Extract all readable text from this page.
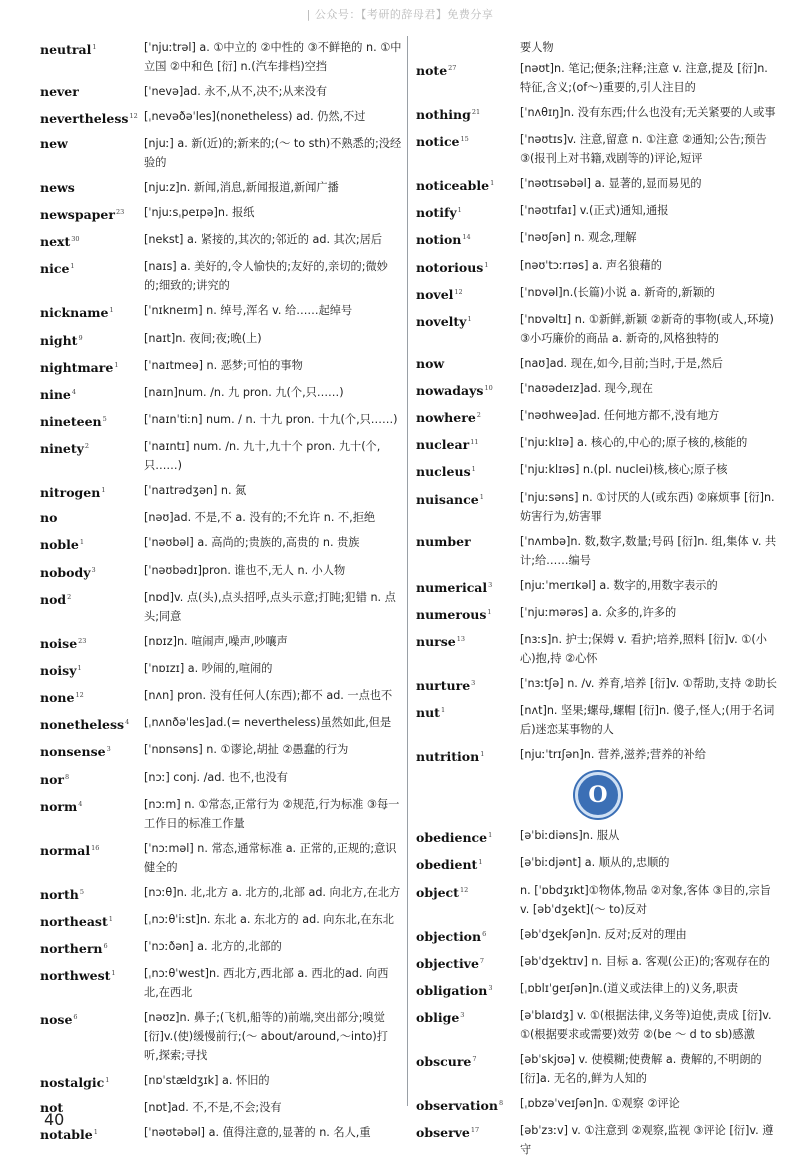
| 公众号：【考研的辞母君】免费分享
neutral$^1$	[ˈnjuːtrəl] a. ①中立的 ②中性的 ③不鲜艳的 n. ①中立国 ②中和色 [衍] n.(汽车排档)空挡
never	[ˈnevə]ad. 永不,从不,决不;从来没有
nevertheless$^{12}$ [ˌnevəðəˈles](nonetheless) ad. 仍然,不过
new	[njuː] a. 新(近)的;新来的;(～ to sth)不熟悉的;没经验的
news	[njuːz]n. 新闻,消息,新闻报道,新闻广播
newspaper$^{23}$	[ˈnjuːsˌpeɪpə]n. 报纸
next$^{30}$	[nekst] a. 紧接的,其次的;邻近的 ad. 其次;居后
nice$^1$	[naɪs] a. 美好的,令人愉快的;友好的,亲切的;微妙的;细致的;讲究的
nickname$^1$	[ˈnɪkneɪm] n. 绰号,浑名 v. 给……起绰号
night$^9$	[naɪt]n. 夜间;夜;晚(上)
nightmare$^1$	[ˈnaɪtmeə] n. 恶梦;可怕的事物
nine$^4$	[naɪn]num. /n. 九 pron. 九(个,只……)
nineteen$^5$	[ˈnaɪnˈtiːn] num. / n. 十九 pron. 十九(个,只……)
ninety$^2$	[ˈnaɪntɪ] num. /n. 九十,九十个 pron. 九十(个,只……)
nitrogen$^1$	[ˈnaɪtrədʒən] n. 氮
no	[nəʊ]ad. 不是,不 a. 没有的;不允许 n. 不,拒绝
noble$^1$	[ˈnəʊbəl] a. 高尚的;贵族的,高贵的 n. 贵族
nobody$^3$	[ˈnəʊbədɪ]pron. 谁也不,无人 n. 小人物
nod$^2$	[nɒd]v. 点(头),点头招呼,点头示意;打盹;犯错 n. 点头;同意
noise$^{23}$	[nɒɪz]n. 喧闹声,噪声,吵嚷声
noisy$^1$	[ˈnɒɪzɪ] a. 吵闹的,喧闹的
none$^{12}$	[nʌn] pron. 没有任何人(东西);都不 ad. 一点也不
nonetheless$^4$	[ˌnʌnðəˈles]ad.(= nevertheless)虽然如此,但是
nonsense$^3$	[ˈnɒnsəns] n. ①谬论,胡扯 ②愚蠢的行为
nor$^8$	[nɔː] conj. /ad. 也不,也没有
norm$^4$	[nɔːm] n. ①常态,正常行为 ②规范,行为标准 ③每一工作日的标准工作量
normal$^{16}$	[ˈnɔːməl] n. 常态,通常标准 a. 正常的,正规的;意识健全的
north$^5$	[nɔːθ]n. 北,北方 a. 北方的,北部 ad. 向北方,在北方
northeast$^1$	[ˌnɔːθˈiːst]n. 东北 a. 东北方的 ad. 向东北,在东北
northern$^6$	[ˈnɔːðən] a. 北方的,北部的
northwest$^1$	[ˌnɔːθˈwest]n. 西北方,西北部 a. 西北的ad. 向西北,在西北
nose$^6$	[nəʊz]n. 鼻子;(飞机,船等的)前端,突出部分;嗅觉 [衍]v.(使)缓慢前行;(～ about/around,～into)打听,探索;寻找
nostalgic$^1$	[nɒˈstældʒɪk] a. 怀旧的
not	[nɒt]ad. 不,不是,不会;没有
notable$^1$	[ˈnəʊtəbəl] a. 值得注意的,显著的 n. 名人,重
要人物
note$^{27}$	[nəʊt]n. 笔记;便条;注释;注意 v. 注意,提及 [衍]n. 特征,含义;(of～)重要的,引人注目的
nothing$^{21}$	[ˈnʌθɪŋ]n. 没有东西;什么也没有;无关紧要的人或事
notice$^{15}$	[ˈnəʊtɪs]v. 注意,留意 n. ①注意 ②通知;公告;预告 ③(报刊上对书籍,戏剧等的)评论,短评
noticeable$^1$	[ˈnəʊtɪsəbəl] a. 显著的,显而易见的
notify$^1$	[ˈnəʊtɪfaɪ] v.(正式)通知,通报
notion$^{14}$	[ˈnəʊʃən] n. 观念,理解
notorious$^1$	[nəʊˈtɔːrɪəs] a. 声名狼藉的
novel$^{12}$	[ˈnɒvəl]n.(长篇)小说 a. 新奇的,新颖的
novelty$^1$	[ˈnɒvəltɪ] n. ①新鲜,新颖 ②新奇的事物(或人,环境) ③小巧廉价的商品 a. 新奇的,风格独特的
now	[naʊ]ad. 现在,如今,目前;当时,于是,然后
nowadays$^{10}$	[ˈnaʊədeɪz]ad. 现今,现在
nowhere$^2$	[ˈnəʊhweə]ad. 任何地方都不,没有地方
nuclear$^{11}$	[ˈnjuːklɪə] a. 核心的,中心的;原子核的,核能的
nucleus$^1$	[ˈnjuːklɪəs] n.(pl. nuclei)核,核心;原子核
nuisance$^1$	[ˈnjuːsəns] n. ①讨厌的人(或东西) ②麻烦事 [衍]n. 妨害行为,妨害罪
number	[ˈnʌmbə]n. 数,数字,数量;号码 [衍]n. 组,集体 v. 共计;给……编号
numerical$^3$	[njuːˈmerɪkəl] a. 数字的,用数字表示的
numerous$^1$	[ˈnjuːmərəs] a. 众多的,许多的
nurse$^{13}$	[nɜːs]n. 护士;保姆 v. 看护;培养,照料 [衍]v. ①(小心)抱,持 ②心怀
nurture$^3$	[ˈnɜːtʃə] n. /v. 养育,培养 [衍]v. ①帮助,支持 ②助长
nut$^1$	[nʌt]n. 坚果;螺母,螺帽 [衍]n. 傻子,怪人;(用于名词后)迷恋某事物的人
nutrition$^1$	[njuːˈtrɪʃən]n. 营养,滋养;营养的补给
O
obedience$^1$	[əˈbiːdiəns]n. 服从
obedient$^1$	[əˈbiːdjənt] a. 顺从的,忠顺的
object$^{12}$	n. [ˈɒbdʒɪkt]①物体,物品 ②对象,客体 ③目的,宗旨 v. [əbˈdʒekt](～ to)反对
objection$^6$	[əbˈdʒekʃən]n. 反对;反对的理由
objective$^7$	[əbˈdʒektɪv] n. 目标 a. 客观(公正)的;客观存在的
obligation$^3$	[ˌɒblɪˈgeɪʃən]n.(道义或法律上的)义务,职责
oblige$^3$	[əˈblaɪdʒ] v. ①(根据法律,义务等)迫使,责成 [衍]v. ①(根据要求或需要)效劳 ②(be ～ d to sb)感激
obscure$^7$	[əbˈskjʊə] v. 使模糊;使费解 a. 费解的,不明朗的 [衍]a. 无名的,鲜为人知的
observation$^8$	[ˌɒbzəˈveɪʃən]n. ①观察 ②评论
observe$^{17}$	[əbˈzɜːv] v. ①注意到 ②观察,监视 ③评论 [衍]v. 遵守
40
